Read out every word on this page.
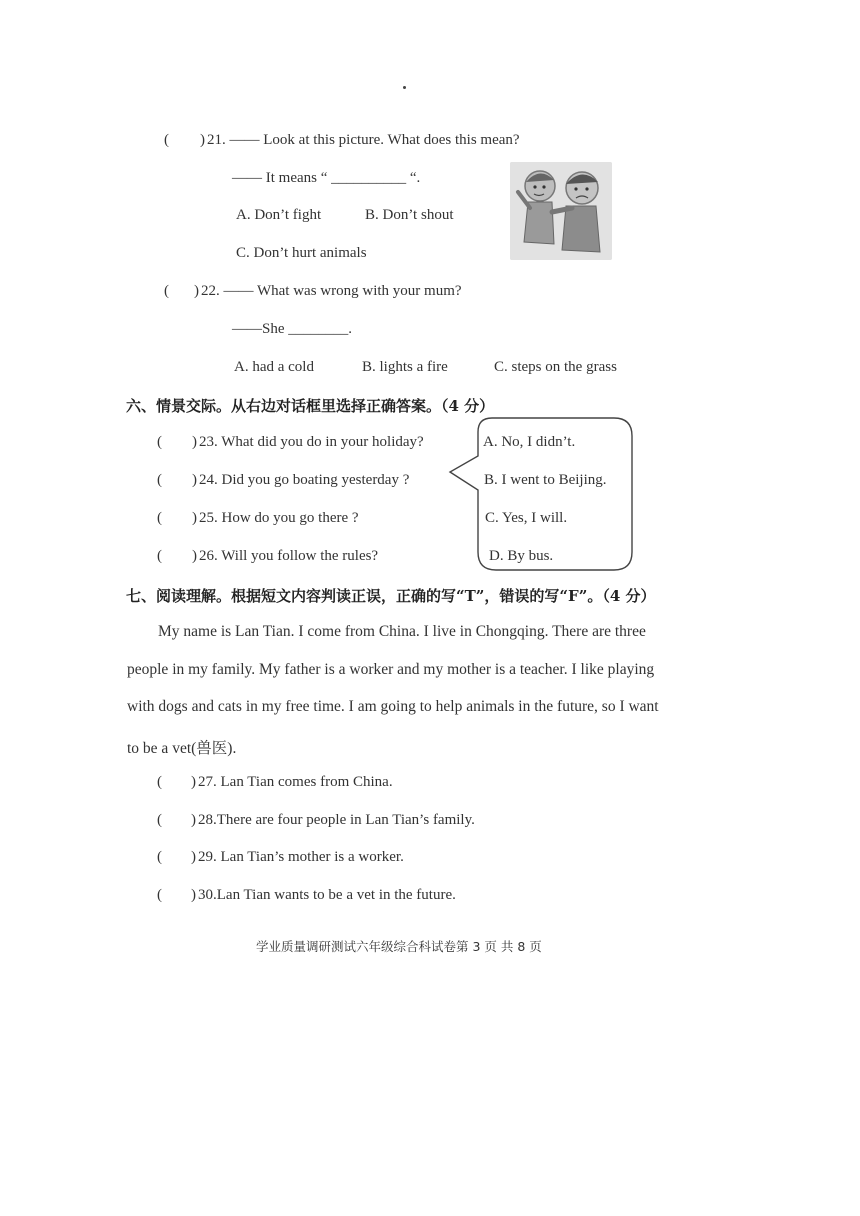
( ) 21. —— Look at this picture. What does this mean?
—— It means “ __________ “.
A. Don’t fight	B. Don’t shout
C. Don’t hurt animals
( ) 22. —— What was wrong with your mum?
——She ________.
A. had a cold	B. lights a fire	C. steps on the grass
六、情景交际。从右边对话框里选择正确答案。（4 分）
( ) 23. What did you do in your holiday?
( ) 24. Did you go boating yesterday ?
( ) 25. How do you go there ?
( ) 26. Will you follow the rules?
A. No, I didn’t.
B. I went to Beijing.
C. Yes, I will.
D. By bus.
七、阅读理解。根据短文内容判读正误，正确的写“T”，错误的写“F”。（4 分）
My name is Lan Tian. I come from China. I live in Chongqing. There are three
people in my family. My father is a worker and my mother is a teacher. I like playing
with dogs and cats in my free time. I am going to help animals in the future, so I want
to be a vet(兽医).
( ) 27. Lan Tian comes from China.
( ) 28.There are four people in Lan Tian’s family.
( ) 29. Lan Tian’s mother is a worker.
( ) 30.Lan Tian wants to be a vet in the future.
学业质量调研测试六年级综合科试卷第 3 页 共 8 页
